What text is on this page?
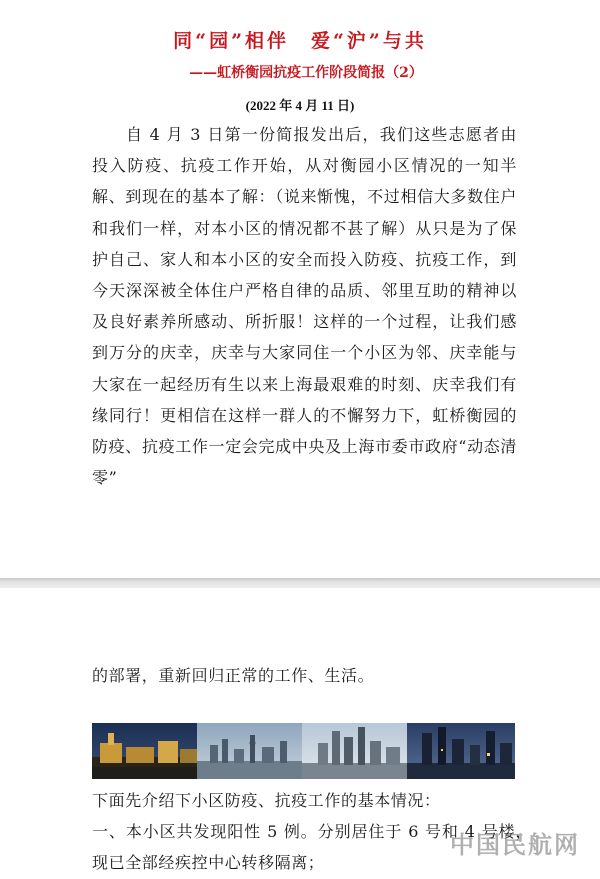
同“园”相伴　爱“沪”与共
——虹桥衡园抗疫工作阶段简报（2）
(2022 年 4 月 11 日)
自 4 月 3 日第一份简报发出后，我们这些志愿者由投入防疫、抗疫工作开始，从对衡园小区情况的一知半解、到现在的基本了解：（说来惭愧，不过相信大多数住户和我们一样，对本小区的情况都不甚了解）从只是为了保护自己、家人和本小区的安全而投入防疫、抗疫工作，到今天深深被全体住户严格自律的品质、邻里互助的精神以及良好素养所感动、所折服！这样的一个过程，让我们感到万分的庆幸，庆幸与大家同住一个小区为邻、庆幸能与大家在一起经历有生以来上海最艰难的时刻、庆幸我们有缘同行！更相信在这样一群人的不懈努力下，虹桥衡园的防疫、抗疫工作一定会完成中央及上海市委市政府“动态清零”
的部署，重新回归正常的工作、生活。
下面先介绍下小区防疫、抗疫工作的基本情况：
一、本小区共发现阳性 5 例。分别居住于 6 号和 4 号楼，现已全部经疾控中心转移隔离；
中国民航网
